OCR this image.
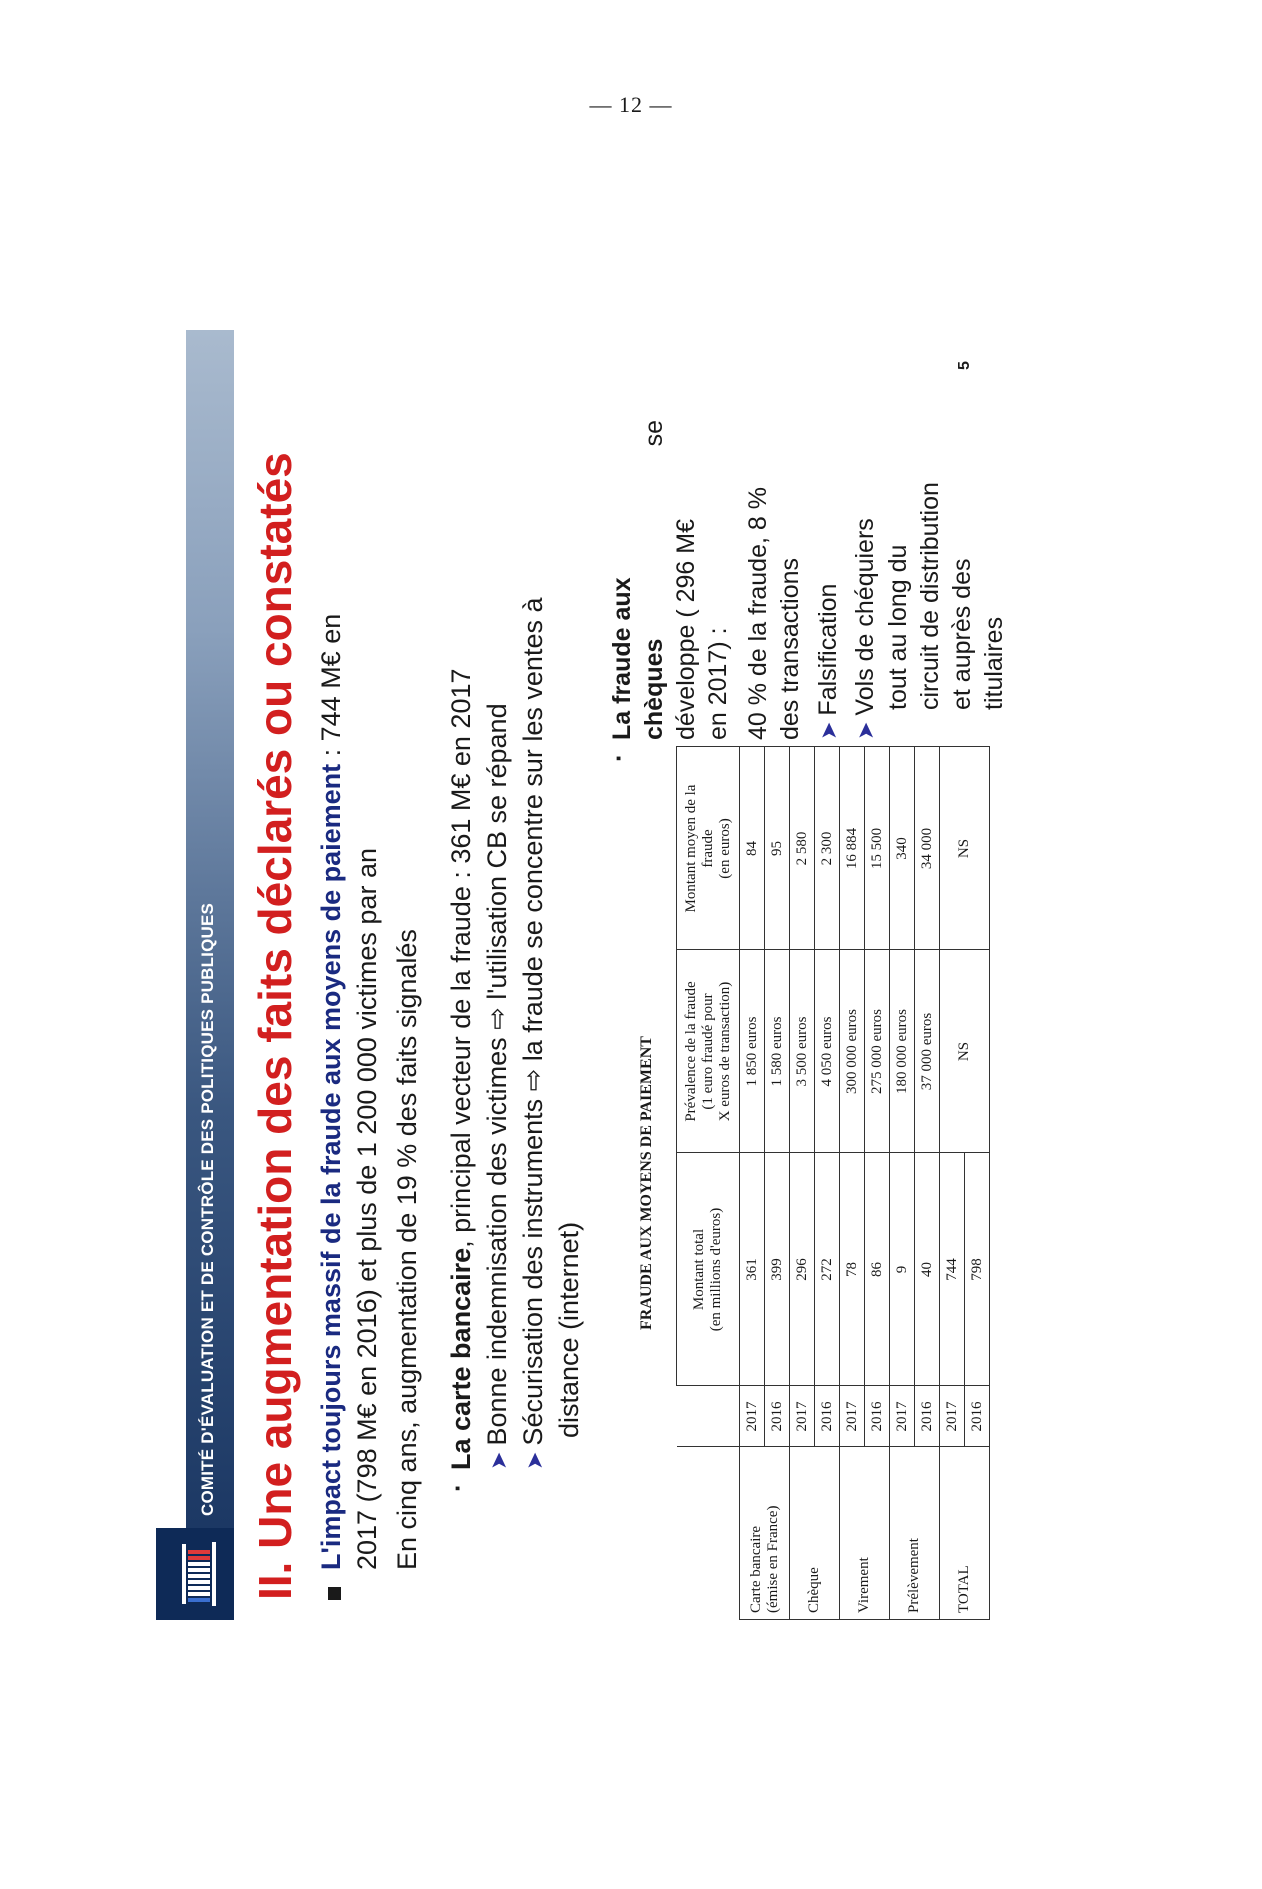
— 12 —
COMITÉ D'ÉVALUATION ET DE CONTRÔLE DES POLITIQUES PUBLIQUES II. Une augmentation des faits déclarés ou constatés L'impact toujours massif de la fraude aux moyens de paiement : 744 M€ en
2017 (798 M€ en 2016) et plus de 1 200 000 victimes par an En cinq ans, augmentation de 19 % des faits signalés ·
La carte bancaire, principal vecteur de la fraude : 361 M€ en 2017
➤Bonne indemnisation des victimes ⇨ l'utilisation CB se répand
➤Sécurisation des instruments ⇨ la fraude se concentre sur les ventes à distance (internet)	FRAUDE AUX MOYENS DE PAIEMENT
		Montant total
(en millions d'euros)	Prévalence de la fraude
(1 euro fraudé pour
X euros de transaction)	Montant moyen de la
fraude
(en euros)
Carte bancaire
(émise en France)	2017	361	1 850 euros	84
	2016	399	1 580 euros	95
Chèque	2017	296	3 500 euros	2 580
	2016	272	4 050 euros	2 300
Virement	2017	78	300 000 euros	16 884
	2016	86	275 000 euros	15 500
Prélèvement	2017	9	180 000 euros	340
	2016	40	37 000 euros	34 000
TOTAL	2017	744	NS	NS
	2016	798		
·
La fraude aux chèques
se
développe ( 296 M€ en 2017) : 40 % de la fraude, 8 % des transactions ➤Falsification
➤Vols de chéquiers tout au long du circuit de distribution et auprès des titulaires
5
